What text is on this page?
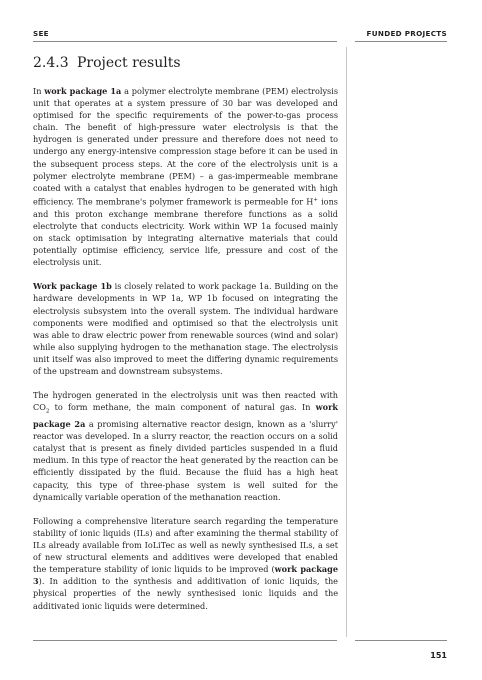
SEE	FUNDED PROJECTS
2.4.3 Project results

In work package 1a a polymer electrolyte membrane (PEM) electrolysis unit that operates at a system pressure of 30 bar was developed and optimised for the specific requirements of the power-to-gas process chain. The benefit of high-pressure water electrolysis is that the hydrogen is generated under pressure and therefore does not need to undergo any energy-intensive compression stage before it can be used in the subsequent process steps. At the core of the electrolysis unit is a polymer electrolyte membrane (PEM) – a gas-impermeable membrane coated with a catalyst that enables hydrogen to be generated with high efficiency. The membrane's polymer framework is permeable for H+ ions and this proton exchange membrane therefore functions as a solid electrolyte that conducts electricity. Work within WP 1a focused mainly on stack optimisation by integrating alternative materials that could potentially optimise efficiency, service life, pressure and cost of the electrolysis unit.

Work package 1b is closely related to work package 1a. Building on the hardware developments in WP 1a, WP 1b focused on integrating the electrolysis subsystem into the overall system. The individual hardware components were modified and optimised so that the electrolysis unit was able to draw electric power from renewable sources (wind and solar) while also supplying hydrogen to the methanation stage. The electrolysis unit itself was also improved to meet the differing dynamic requirements of the upstream and downstream subsystems.

The hydrogen generated in the electrolysis unit was then reacted with $CO_2$ to form methane, the main component of natural gas. In work package 2a a promising alternative reactor design, known as a 'slurry' reactor was developed. In a slurry reactor, the reaction occurs on a solid catalyst that is present as finely divided particles suspended in a fluid medium. In this type of reactor the heat generated by the reaction can be efficiently dissipated by the fluid. Because the fluid has a high heat capacity, this type of three-phase system is well suited for the dynamically variable operation of the methanation reaction.

Following a comprehensive literature search regarding the temperature stability of ionic liquids (ILs) and after examining the thermal stability of ILs already available from IoLiTec as well as newly synthesised ILs, a set of new structural elements and additives were developed that enabled the temperature stability of ionic liquids to be improved (work package 3). In addition to the synthesis and additivation of ionic liquids, the physical properties of the newly synthesised ionic liquids and the additivated ionic liquids were determined.

151
